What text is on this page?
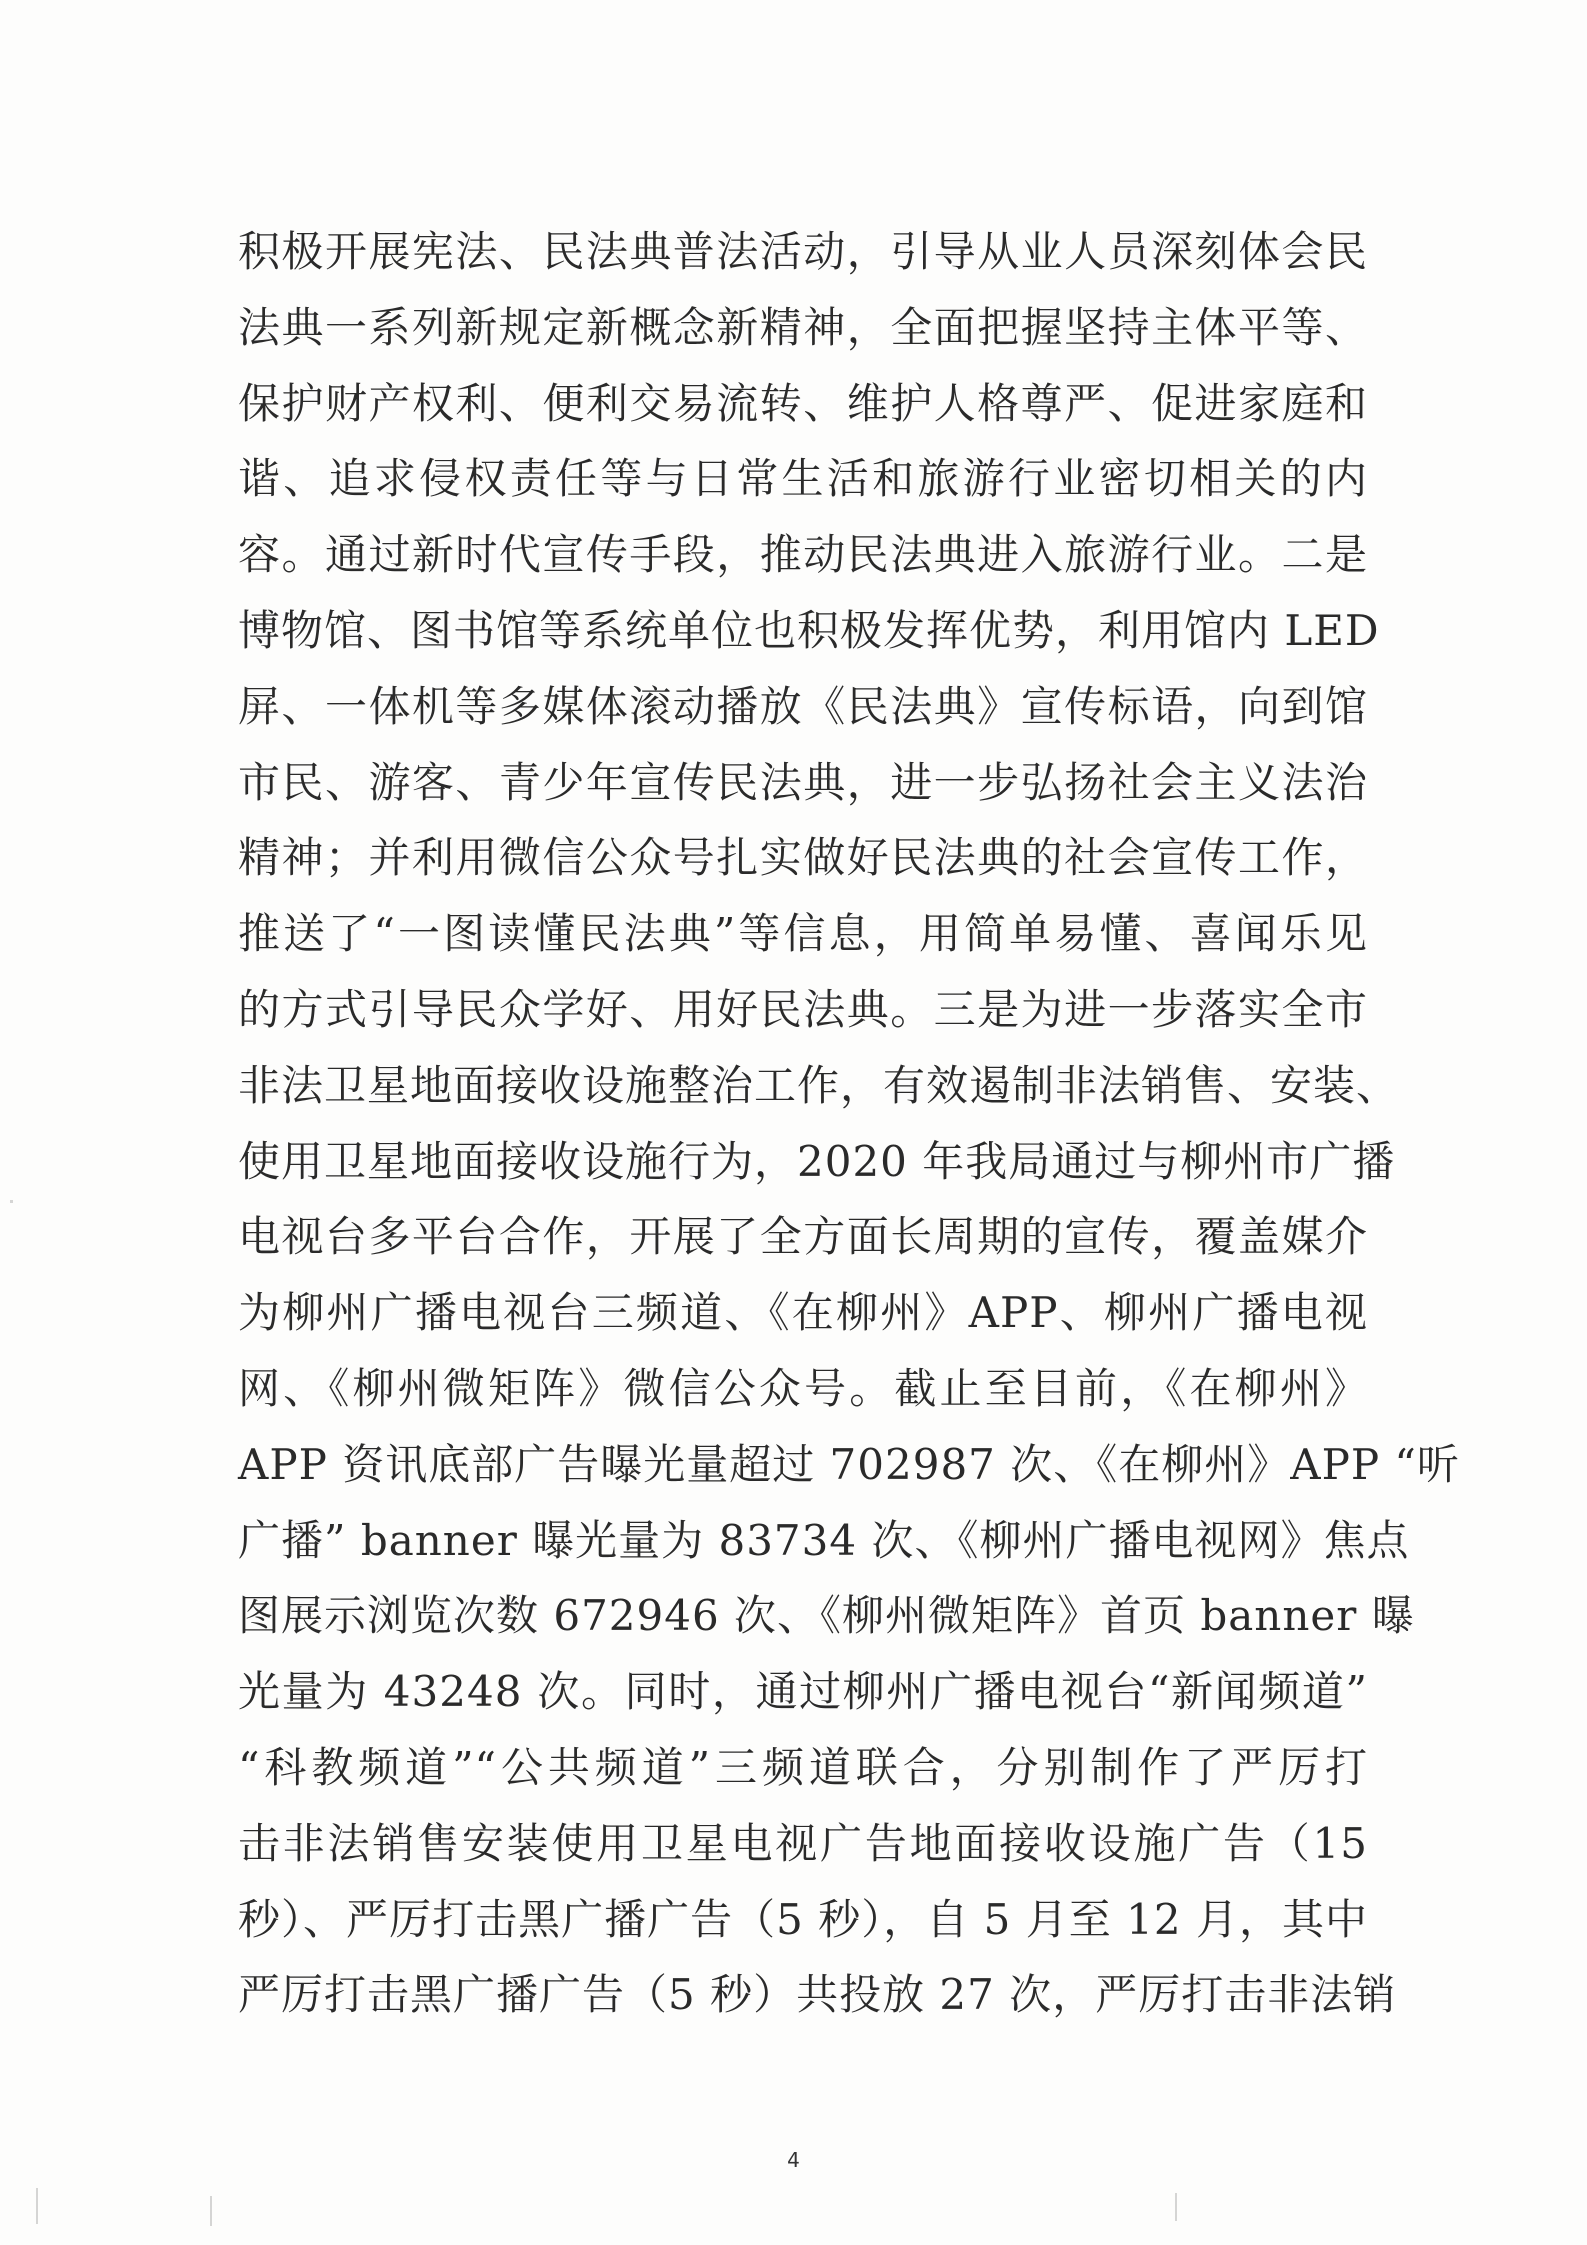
积极开展宪法、民法典普法活动，引导从业人员深刻体会民
法典一系列新规定新概念新精神，全面把握坚持主体平等、
保护财产权利、便利交易流转、维护人格尊严、促进家庭和
谐、追求侵权责任等与日常生活和旅游行业密切相关的内
容。通过新时代宣传手段，推动民法典进入旅游行业。二是
博物馆、图书馆等系统单位也积极发挥优势，利用馆内 LED
屏、一体机等多媒体滚动播放《民法典》宣传标语，向到馆
市民、游客、青少年宣传民法典，进一步弘扬社会主义法治
精神；并利用微信公众号扎实做好民法典的社会宣传工作，
推送了“一图读懂民法典”等信息，用简单易懂、喜闻乐见
的方式引导民众学好、用好民法典。三是为进一步落实全市
非法卫星地面接收设施整治工作，有效遏制非法销售、安装、
使用卫星地面接收设施行为，2020 年我局通过与柳州市广播
电视台多平台合作，开展了全方面长周期的宣传，覆盖媒介
为柳州广播电视台三频道、《在柳州》APP、柳州广播电视
网、《柳州微矩阵》微信公众号。截止至目前，《在柳州》
APP 资讯底部广告曝光量超过 702987 次、《在柳州》APP “听
广播” banner 曝光量为 83734 次、《柳州广播电视网》焦点
图展示浏览次数 672946 次、《柳州微矩阵》首页 banner 曝
光量为 43248 次。同时，通过柳州广播电视台“新闻频道”
“科教频道”“公共频道”三频道联合，分别制作了严厉打
击非法销售安装使用卫星电视广告地面接收设施广告（15
秒）、严厉打击黑广播广告（5 秒），自 5 月至 12 月，其中
严厉打击黑广播广告（5 秒）共投放 27 次，严厉打击非法销
4
